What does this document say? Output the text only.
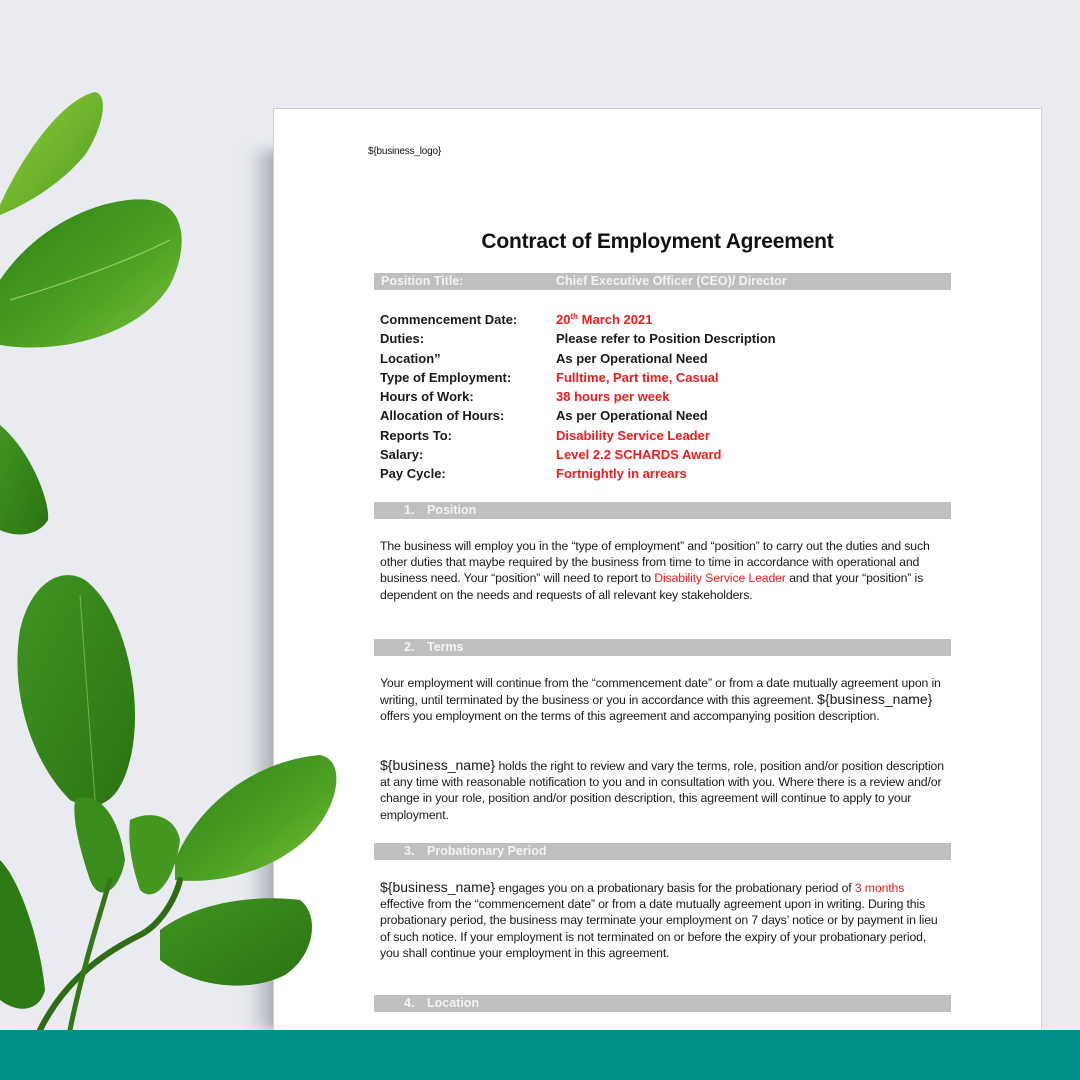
${business_logo}
Contract of Employment Agreement
Position Title:	Chief Executive Officer (CEO)/ Director
Commencement Date:	20th March 2021
Duties:	Please refer to Position Description
Location”	As per Operational Need
Type of Employment:	Fulltime, Part time, Casual
Hours of Work:	38 hours per week
Allocation of Hours:	As per Operational Need
Reports To:	Disability Service Leader
Salary:	Level 2.2 SCHARDS Award
Pay Cycle:	Fortnightly in arrears
1. Position
The business will employ you in the “type of employment” and “position” to carry out the duties and such other duties that maybe required by the business from time to time in accordance with operational and business need. Your “position” will need to report to Disability Service Leader and that your “position” is dependent on the needs and requests of all relevant key stakeholders.
2. Terms
Your employment will continue from the “commencement date” or from a date mutually agreement upon in writing, until terminated by the business or you in accordance with this agreement. ${business_name} offers you employment on the terms of this agreement and accompanying position description.
${business_name} holds the right to review and vary the terms, role, position and/or position description at any time with reasonable notification to you and in consultation with you. Where there is a review and/or change in your role, position and/or position description, this agreement will continue to apply to your employment.
3. Probationary Period
${business_name} engages you on a probationary basis for the probationary period of 3 months effective from the “commencement date” or from a date mutually agreement upon in writing. During this probationary period, the business may terminate your employment on 7 days’ notice or by payment in lieu of such notice. If your employment is not terminated on or before the expiry of your probationary period, you shall continue your employment in this agreement.
4. Location
